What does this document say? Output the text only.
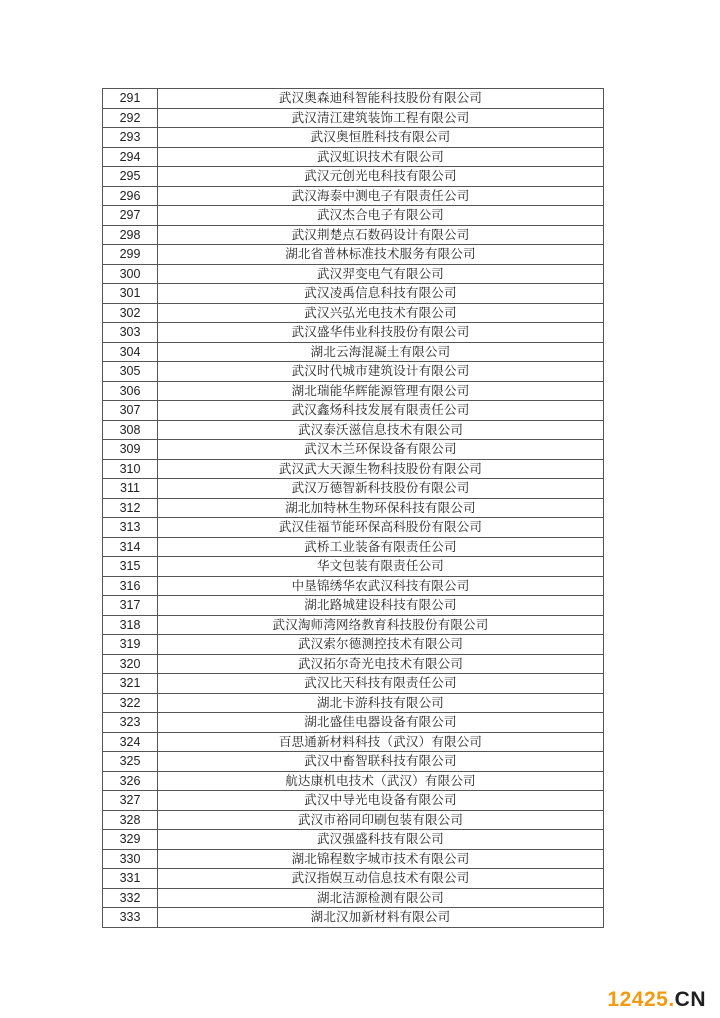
291	武汉奥森迪科智能科技股份有限公司
292	武汉清江建筑装饰工程有限公司
293	武汉奥恒胜科技有限公司
294	武汉虹识技术有限公司
295	武汉元创光电科技有限公司
296	武汉海泰中测电子有限责任公司
297	武汉杰合电子有限公司
298	武汉荆楚点石数码设计有限公司
299	湖北省普林标准技术服务有限公司
300	武汉羿变电气有限公司
301	武汉凌禹信息科技有限公司
302	武汉兴弘光电技术有限公司
303	武汉盛华伟业科技股份有限公司
304	湖北云海混凝土有限公司
305	武汉时代城市建筑设计有限公司
306	湖北瑞能华辉能源管理有限公司
307	武汉鑫炀科技发展有限责任公司
308	武汉泰沃滋信息技术有限公司
309	武汉木兰环保设备有限公司
310	武汉武大天源生物科技股份有限公司
311	武汉万德智新科技股份有限公司
312	湖北加特林生物环保科技有限公司
313	武汉佳福节能环保高科股份有限公司
314	武桥工业装备有限责任公司
315	华文包装有限责任公司
316	中垦锦绣华农武汉科技有限公司
317	湖北路城建设科技有限公司
318	武汉淘师湾网络教育科技股份有限公司
319	武汉索尔德测控技术有限公司
320	武汉拓尔奇光电技术有限公司
321	武汉比天科技有限责任公司
322	湖北卡游科技有限公司
323	湖北盛佳电器设备有限公司
324	百思通新材料科技（武汉）有限公司
325	武汉中畜智联科技有限公司
326	航达康机电技术（武汉）有限公司
327	武汉中导光电设备有限公司
328	武汉市裕同印刷包装有限公司
329	武汉强盛科技有限公司
330	湖北锦程数字城市技术有限公司
331	武汉指娱互动信息技术有限公司
332	湖北洁源检测有限公司
333	湖北汉加新材料有限公司
12425.CN
